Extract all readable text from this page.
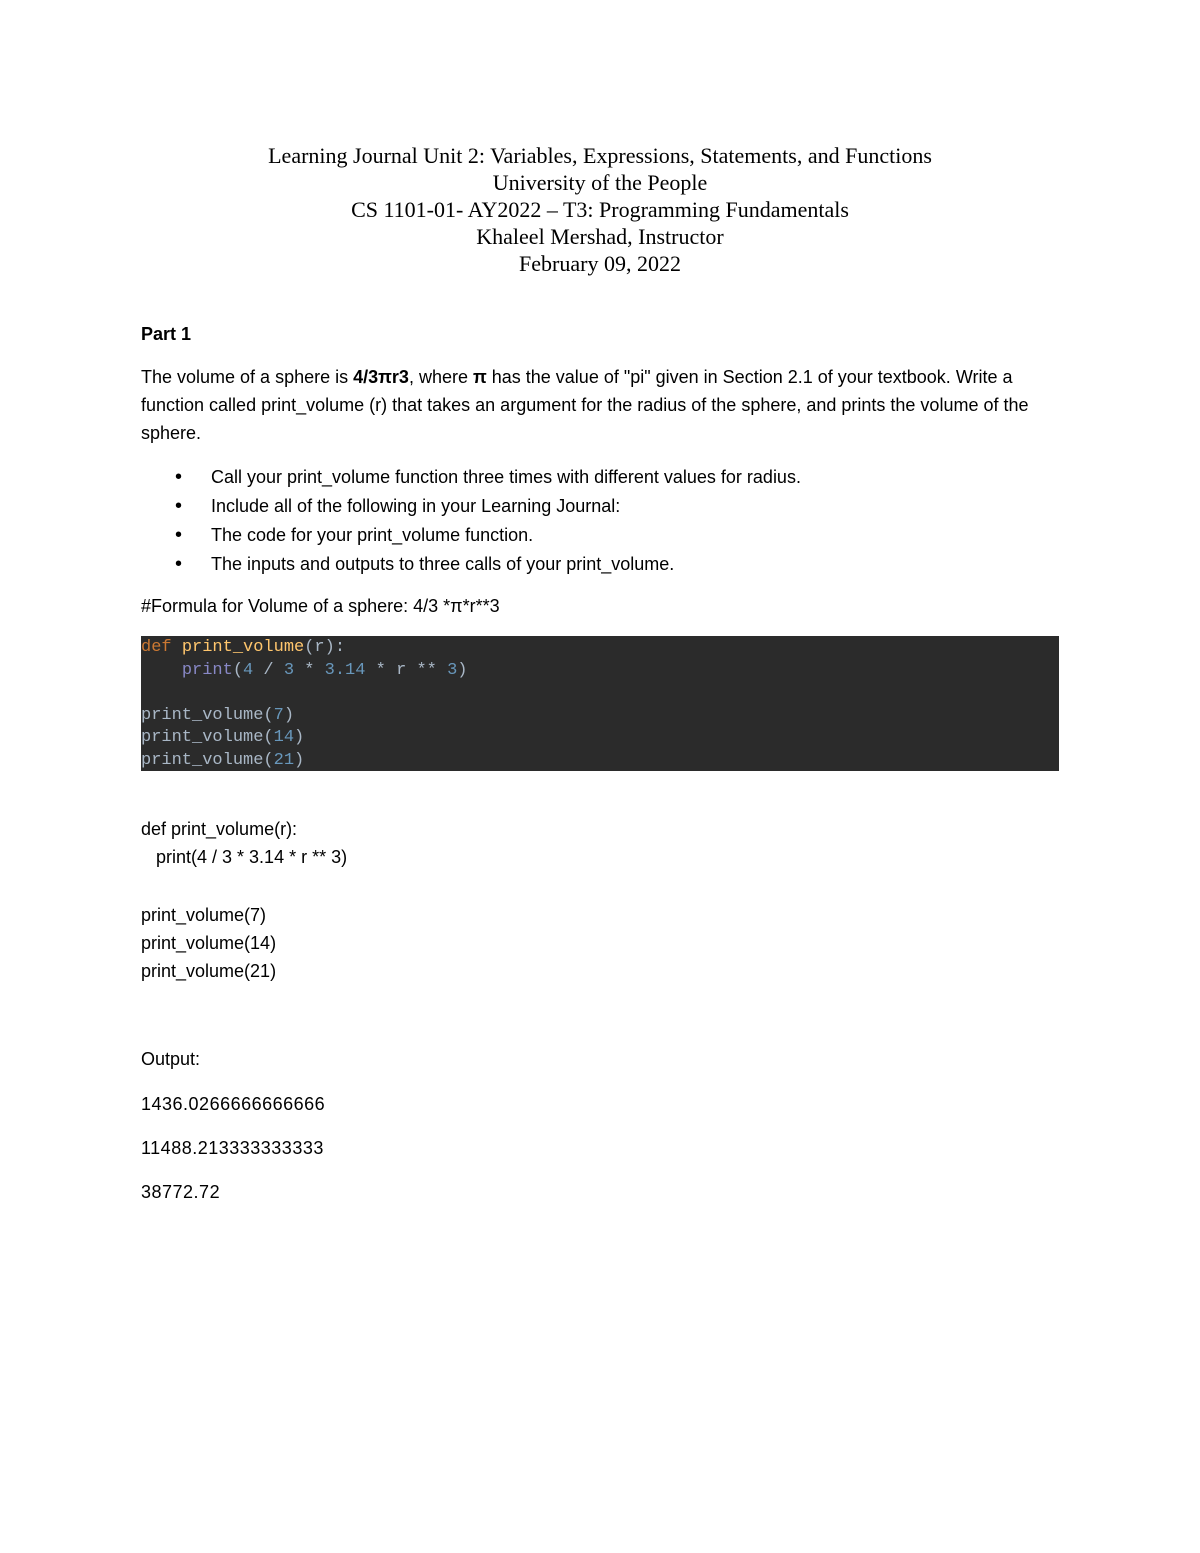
Learning Journal Unit 2: Variables, Expressions, Statements, and Functions
University of the People
CS 1101-01- AY2022 – T3: Programming Fundamentals
Khaleel Mershad, Instructor
February 09, 2022
Part 1
The volume of a sphere is 4/3πr3, where π has the value of "pi" given in Section 2.1 of your textbook. Write a function called print_volume (r) that takes an argument for the radius of the sphere, and prints the volume of the sphere.
• Call your print_volume function three times with different values for radius.
• Include all of the following in your Learning Journal:
• The code for your print_volume function.
• The inputs and outputs to three calls of your print_volume.
#Formula for Volume of a sphere: 4/3 *π*r**3
def print_volume(r):
print(4 / 3 * 3.14 * r ** 3)

print_volume(7)
print_volume(14)
print_volume(21)
def print_volume(r):
print(4 / 3 * 3.14 * r ** 3)
print_volume(7)
print_volume(14)
print_volume(21)
Output:
1436.0266666666666
11488.213333333333
38772.72
